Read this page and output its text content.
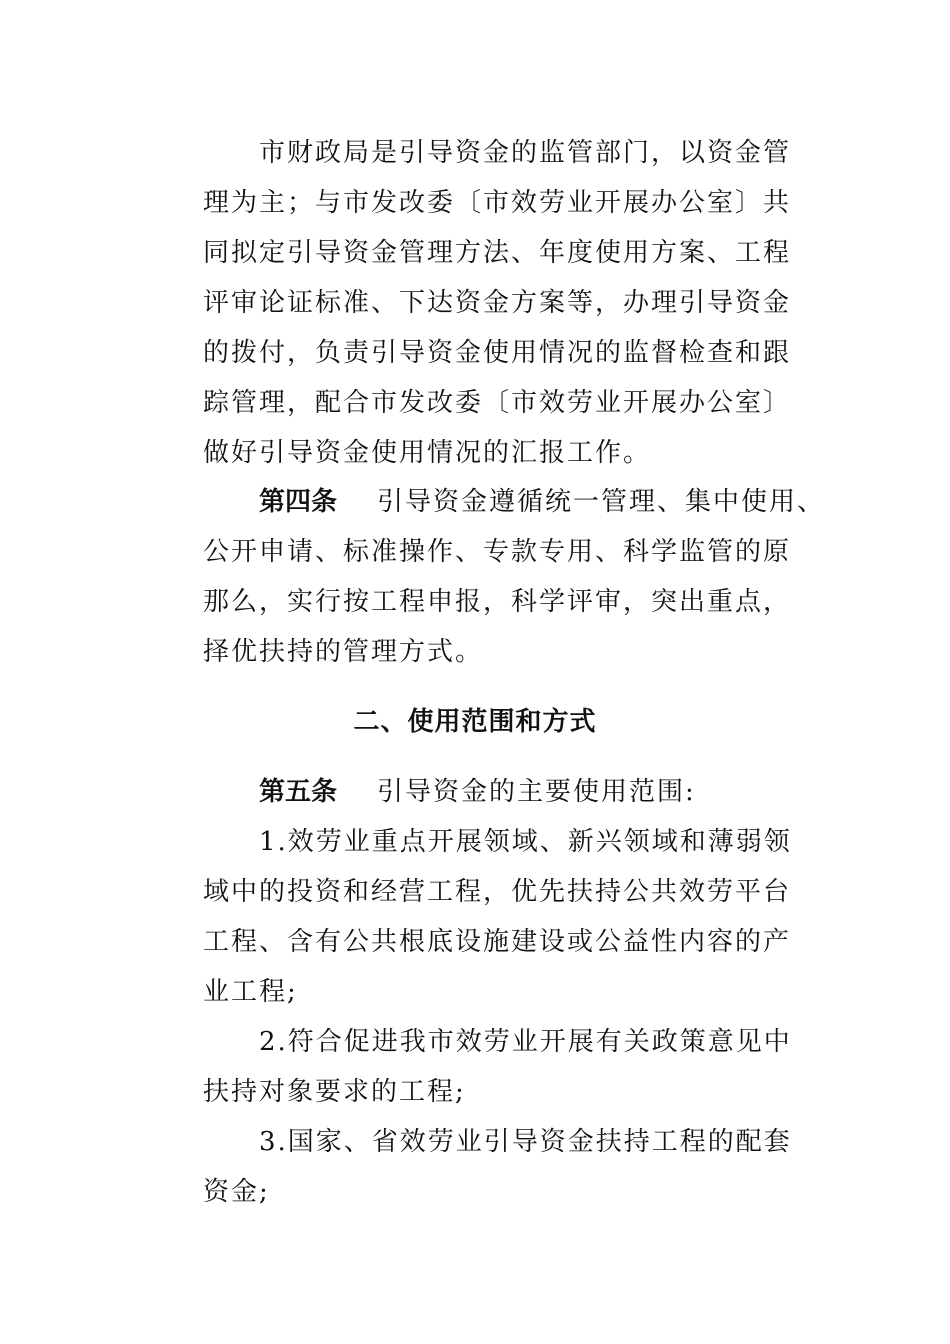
市财政局是引导资金的监管部门，以资金管
理为主；与市发改委〔市效劳业开展办公室〕共
同拟定引导资金管理方法、年度使用方案、工程
评审论证标准、下达资金方案等，办理引导资金
的拨付，负责引导资金使用情况的监督检查和跟
踪管理，配合市发改委〔市效劳业开展办公室〕
做好引导资金使用情况的汇报工作。
第四条 引导资金遵循统一管理、集中使用、
公开申请、标准操作、专款专用、科学监管的原
那么，实行按工程申报，科学评审，突出重点，
择优扶持的管理方式。
二、使用范围和方式
第五条 引导资金的主要使用范围:
1.效劳业重点开展领域、新兴领域和薄弱领
域中的投资和经营工程，优先扶持公共效劳平台
工程、含有公共根底设施建设或公益性内容的产
业工程;
2.符合促进我市效劳业开展有关政策意见中
扶持对象要求的工程;
3.国家、省效劳业引导资金扶持工程的配套
资金;
